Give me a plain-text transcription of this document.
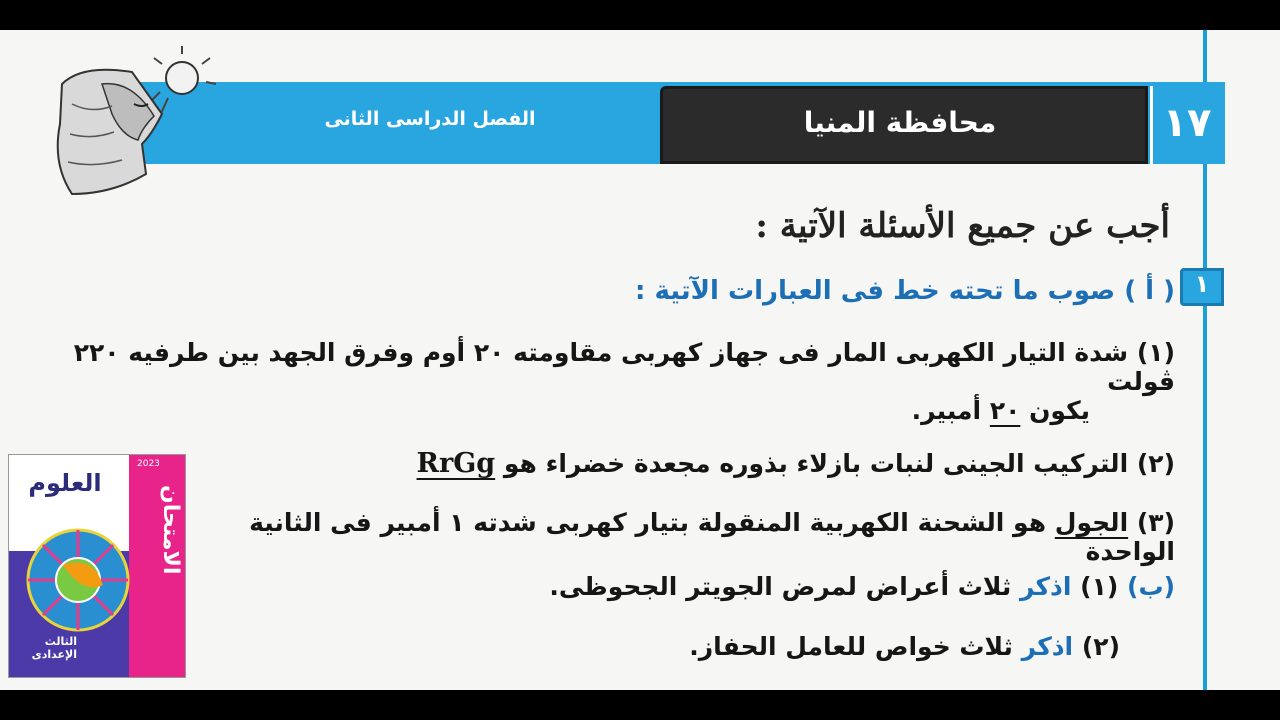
الفصل الدراسى الثانى	محافظة المنيا	١٧
أجب عن جميع الأسئلة الآتية :
١
( أ ) صوب ما تحته خط فى العبارات الآتية :
(١) شدة التيار الكهربى المار فى جهاز كهربى مقاومته ٢٠ أوم وفرق الجهد بين طرفيه ٢٢٠ ڤولت
يكون ٢٠ أمبير.
(٢) التركيب الجينى لنبات بازلاء بذوره مجعدة خضراء هو RrGg
(٣) الجول هو الشحنة الكهربية المنقولة بتيار كهربى شدته ١ أمبير فى الثانية الواحدة
(ب) (١) اذكر ثلاث أعراض لمرض الجويتر الجحوظى.
(٢) اذكر ثلاث خواص للعامل الحفاز.
العلوم
2023
الامتحان
الثالث الإعدادى
